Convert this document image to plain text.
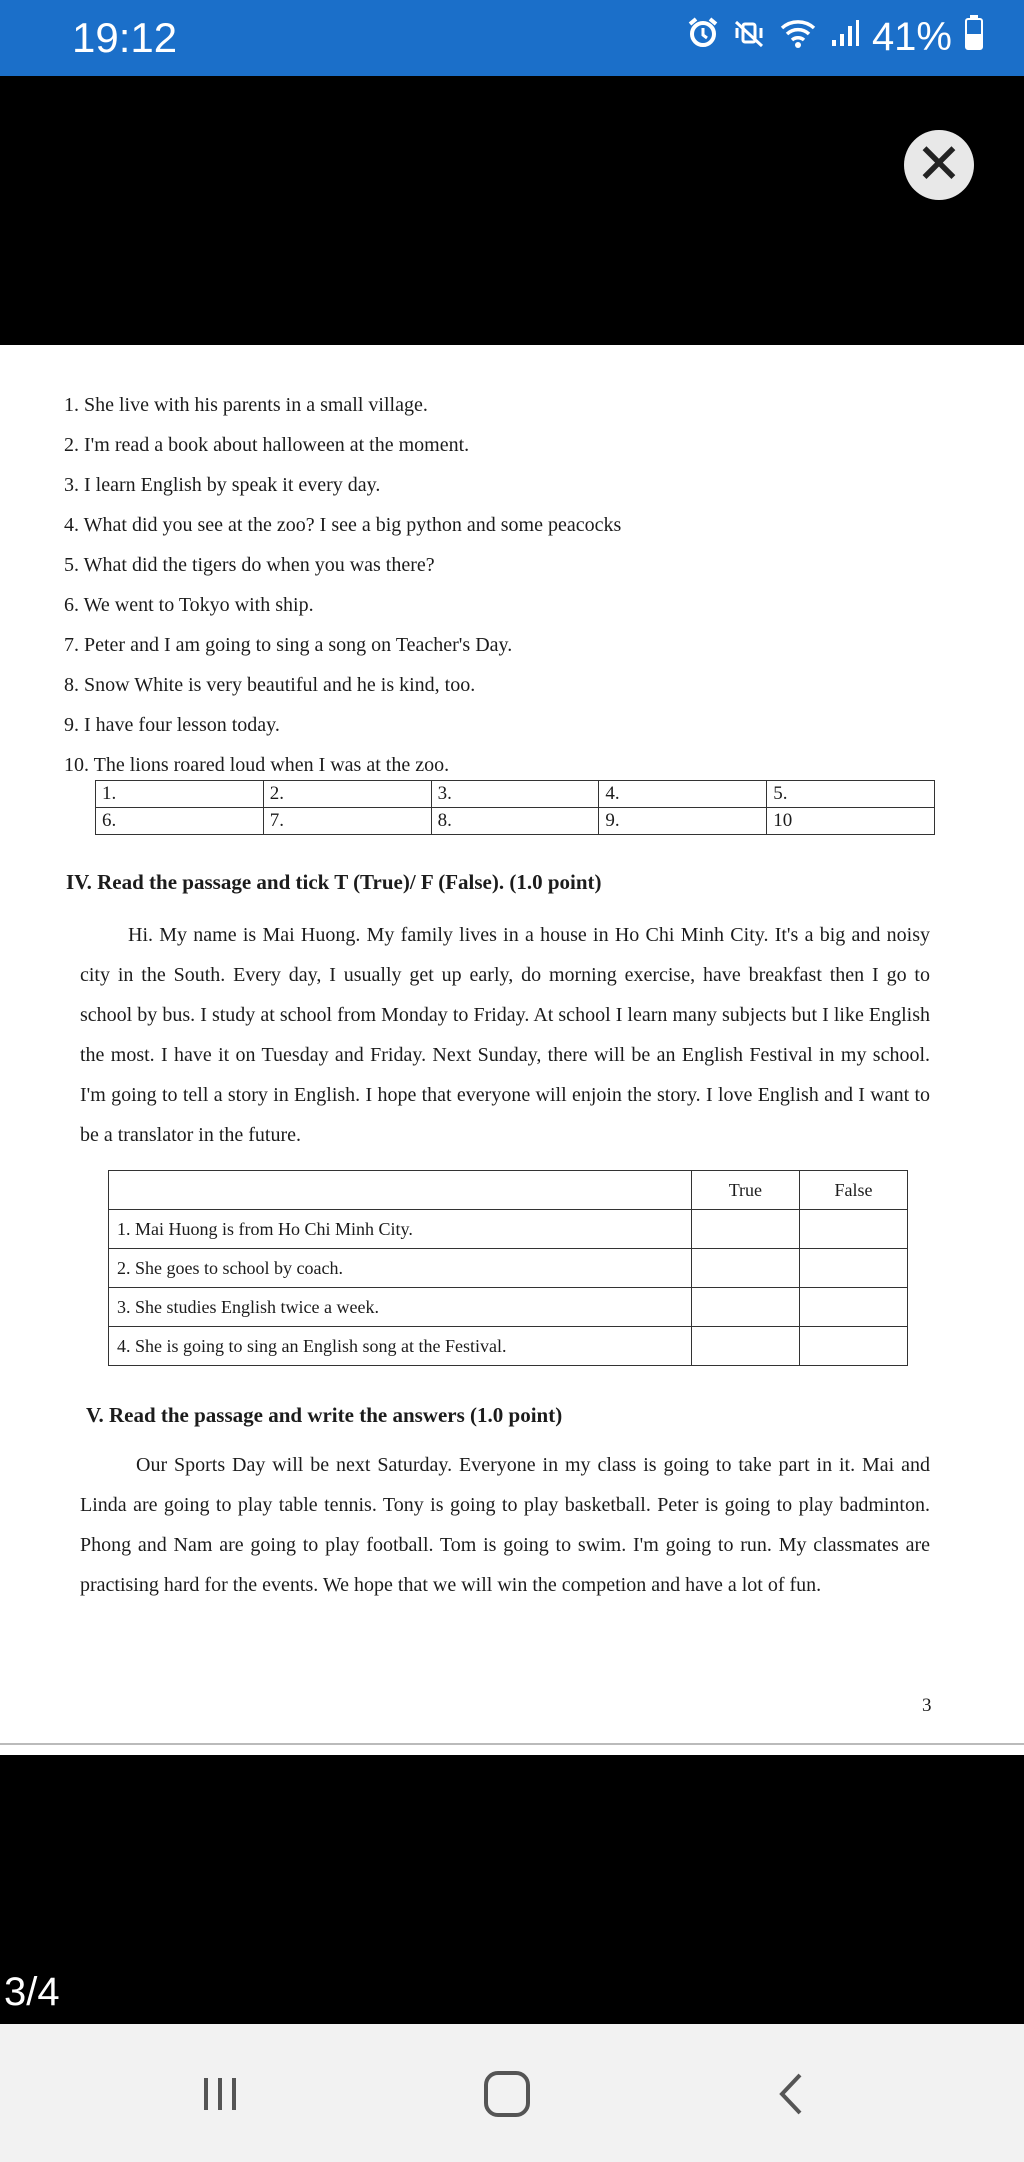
19:12	41%
✕
1. She live with his parents in a small village.
2. I'm read a book about halloween at the moment.
3. I learn English by speak it every day.
4. What did you see at the zoo? I see a big python and some peacocks
5. What did the tigers do when you was there?
6. We went to Tokyo with ship.
7. Peter and I am going to sing a song on Teacher's Day.
8. Snow White is very beautiful and he is kind, too.
9. I have four lesson today.
10. The lions roared loud when I was at the zoo.
1.	2.	3.	4.	5.
6.	7.	8.	9.	10
IV. Read the passage and tick T (True)/ F (False). (1.0 point)
Hi. My name is Mai Huong. My family lives in a house in Ho Chi Minh City. It's a big and noisy city in the South. Every day, I usually get up early, do morning exercise, have breakfast then I go to school by bus. I study at school from Monday to Friday. At school I learn many subjects but I like English the most. I have it on Tuesday and Friday. Next Sunday, there will be an English Festival in my school. I'm going to tell a story in English. I hope that everyone will enjoin the story. I love English and I want to be a translator in the future.
	True	False
1. Mai Huong is from Ho Chi Minh City.		
2. She goes to school by coach.		
3. She studies English twice a week.		
4. She is going to sing an English song at the Festival.		
V. Read the passage and write the answers (1.0 point)
Our Sports Day will be next Saturday. Everyone in my class is going to take part in it. Mai and Linda are going to play table tennis. Tony is going to play basketball. Peter is going to play badminton. Phong and Nam are going to play football. Tom is going to swim. I'm going to run. My classmates are practising hard for the events. We hope that we will win the competion and have a lot of fun.
3
3/4
